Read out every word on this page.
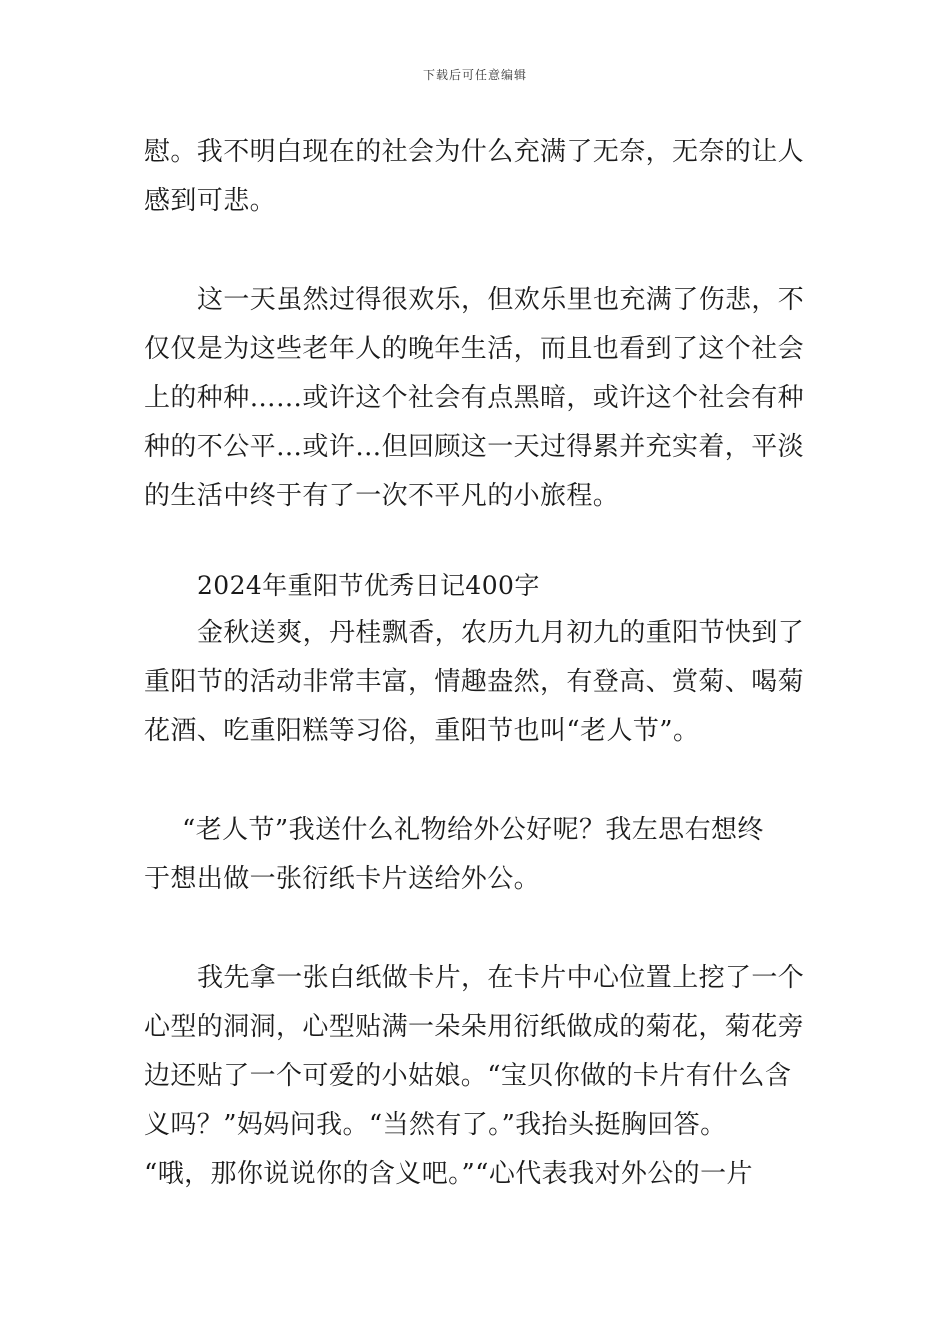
下载后可任意编辑
慰。我不明白现在的社会为什么充满了无奈，无奈的让人
感到可悲。
这一天虽然过得很欢乐，但欢乐里也充满了伤悲，不
仅仅是为这些老年人的晚年生活，而且也看到了这个社会
上的种种……或许这个社会有点黑暗，或许这个社会有种
种的不公平…或许…但回顾这一天过得累并充实着，平淡
的生活中终于有了一次不平凡的小旅程。
2024年重阳节优秀日记400字
金秋送爽，丹桂飘香，农历九月初九的重阳节快到了
重阳节的活动非常丰富，情趣盎然，有登高、赏菊、喝菊
花酒、吃重阳糕等习俗，重阳节也叫“老人节”。
“老人节”我送什么礼物给外公好呢？我左思右想终
于想出做一张衍纸卡片送给外公。
我先拿一张白纸做卡片，在卡片中心位置上挖了一个
心型的洞洞，心型贴满一朵朵用衍纸做成的菊花，菊花旁
边还贴了一个可爱的小姑娘。“宝贝你做的卡片有什么含
义吗？”妈妈问我。“当然有了。”我抬头挺胸回答。
“哦，那你说说你的含义吧。”“心代表我对外公的一片
